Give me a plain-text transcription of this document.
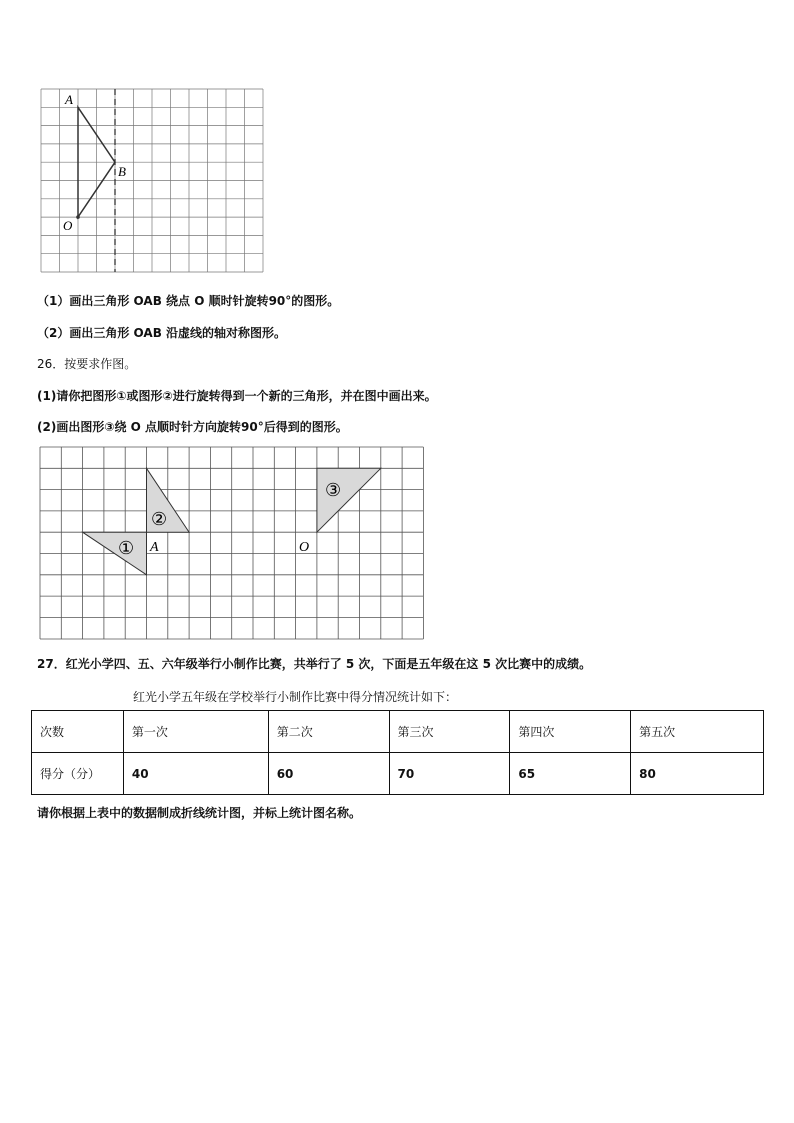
A
B
O
（1）画出三角形 OAB 绕点 O 顺时针旋转90°的图形。
（2）画出三角形 OAB 沿虚线的轴对称图形。
26．按要求作图。
(1)请你把图形①或图形②进行旋转得到一个新的三角形，并在图中画出来。
(2)画出图形③绕 O 点顺时针方向旋转90°后得到的图形。
①
②
③
A	O
27．红光小学四、五、六年级举行小制作比赛，共举行了 5 次，下面是五年级在这 5 次比赛中的成绩。
红光小学五年级在学校举行小制作比赛中得分情况统计如下：
次数	第一次	第二次	第三次	第四次	第五次
得分（分）	40	60	70	65	80
请你根据上表中的数据制成折线统计图，并标上统计图名称。
